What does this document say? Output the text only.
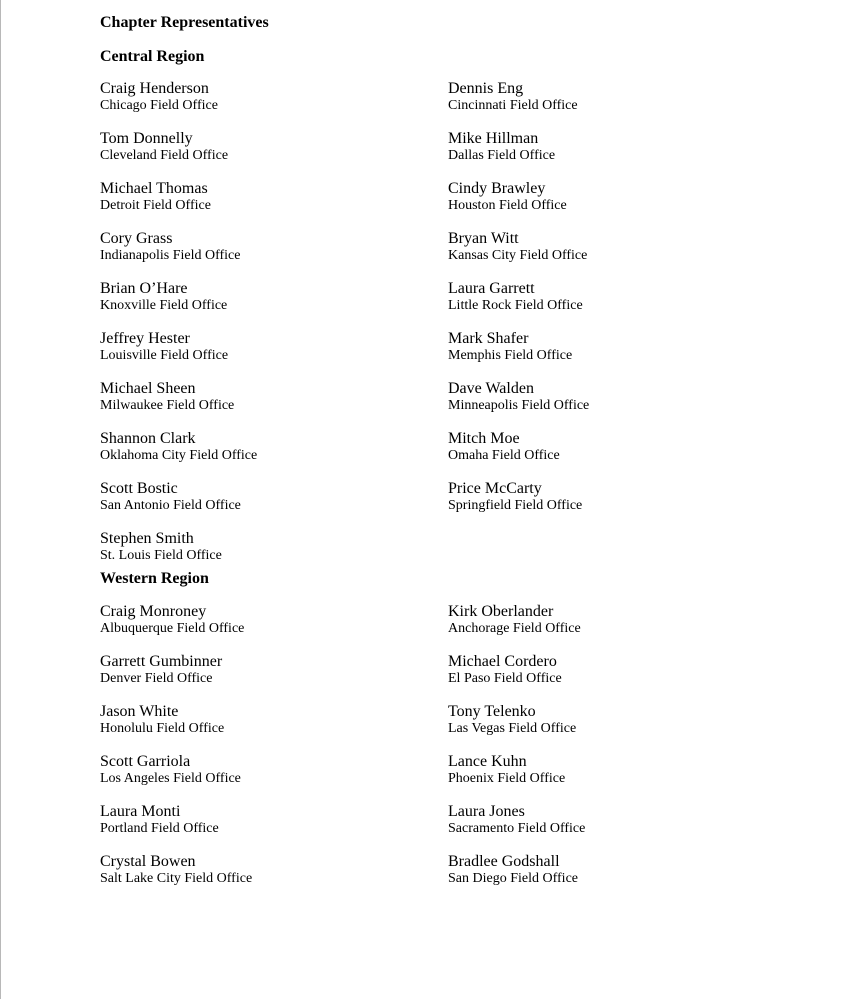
Chapter Representatives
Central Region
Craig Henderson
Chicago Field Office
Dennis Eng
Cincinnati Field Office
Tom Donnelly
Cleveland Field Office
Mike Hillman
Dallas Field Office
Michael Thomas
Detroit Field Office
Cindy Brawley
Houston Field Office
Cory Grass
Indianapolis Field Office
Bryan Witt
Kansas City Field Office
Brian O’Hare
Knoxville Field Office
Laura Garrett
Little Rock Field Office
Jeffrey Hester
Louisville Field Office
Mark Shafer
Memphis Field Office
Michael Sheen
Milwaukee Field Office
Dave Walden
Minneapolis Field Office
Shannon Clark
Oklahoma City Field Office
Mitch Moe
Omaha Field Office
Scott Bostic
San Antonio Field Office
Price McCarty
Springfield Field Office
Stephen Smith
St. Louis Field Office
Western Region
Craig Monroney
Albuquerque Field Office
Kirk Oberlander
Anchorage Field Office
Garrett Gumbinner
Denver Field Office
Michael Cordero
El Paso Field Office
Jason White
Honolulu Field Office
Tony Telenko
Las Vegas Field Office
Scott Garriola
Los Angeles Field Office
Lance Kuhn
Phoenix Field Office
Laura Monti
Portland Field Office
Laura Jones
Sacramento Field Office
Crystal Bowen
Salt Lake City Field Office
Bradlee Godshall
San Diego Field Office
